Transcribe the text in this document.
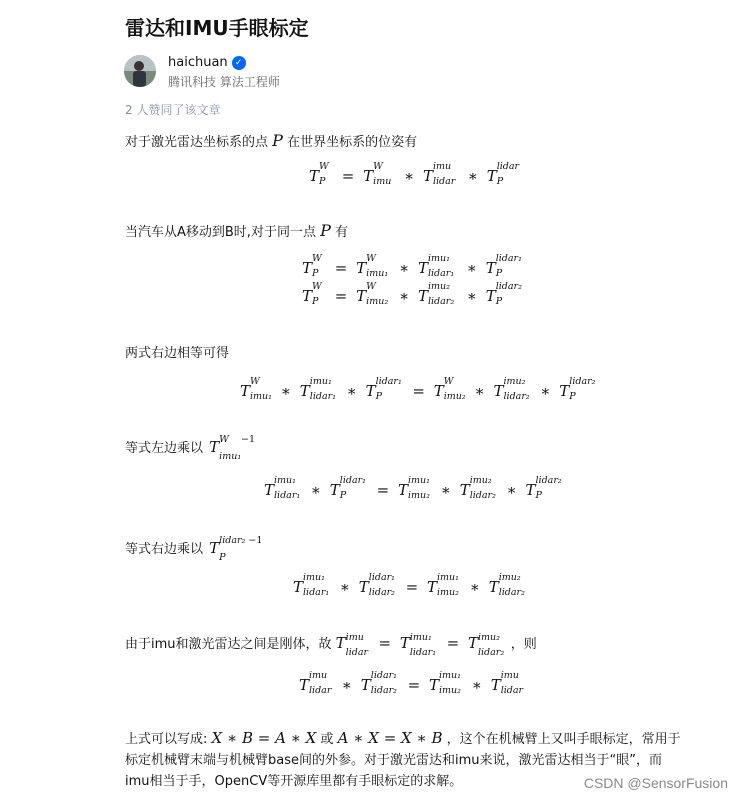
雷达和IMU手眼标定
haichuan ✓
腾讯科技 算法工程师
2 人赞同了该文章
对于激光雷达坐标系的点 P 在世界坐标系的位姿有
T
W
P = T
W
imu ∗ T
imu
lidar ∗ T
lidar
P
当汽车从A移动到B时,对于同一点 P 有
T
W
P = T
W
imu₁ ∗ T
imu₁
lidar₁ ∗ T
lidar₁
P
T
W
P = T
W
imu₂ ∗ T
imu₂
lidar₂ ∗ T
lidar₂
P
两式右边相等可得
T
W
imu₁ ∗ T
imu₁
lidar₁ ∗ T
lidar₁
P = T
W
imu₂ ∗ T
imu₂
lidar₂ ∗ T
lidar₂
P
等式左边乘以 T W    −1
imu₁
T
imu₁
lidar₁ ∗ T
lidar₁
P = T
imu₁
imu₂ ∗ T
imu₂
lidar₂ ∗ T
lidar₂
P
等式右边乘以 T lidar₂ −1
P
T
imu₁
lidar₁ ∗ T
lidar₁
lidar₂ = T
imu₁
imu₂ ∗ T
imu₂
lidar₂
由于imu和激光雷达之间是刚体，故 T imu
lidar
= T imu₁
lidar₁
= T imu₂
lidar₂
，则
T
imu
lidar ∗ T
lidar₁
lidar₂ = T
imu₁
imu₂ ∗ T
imu
lidar
上式可以写成: X ∗ B = A ∗ X 或 A ∗ X = X ∗ B ，这个在机械臂上又叫手眼标定，常用于
标定机械臂末端与机械臂base间的外参。对于激光雷达和imu来说，激光雷达相当于“眼”，而
imu相当于手，OpenCV等开源库里都有手眼标定的求解。	CSDN @SensorFusion
